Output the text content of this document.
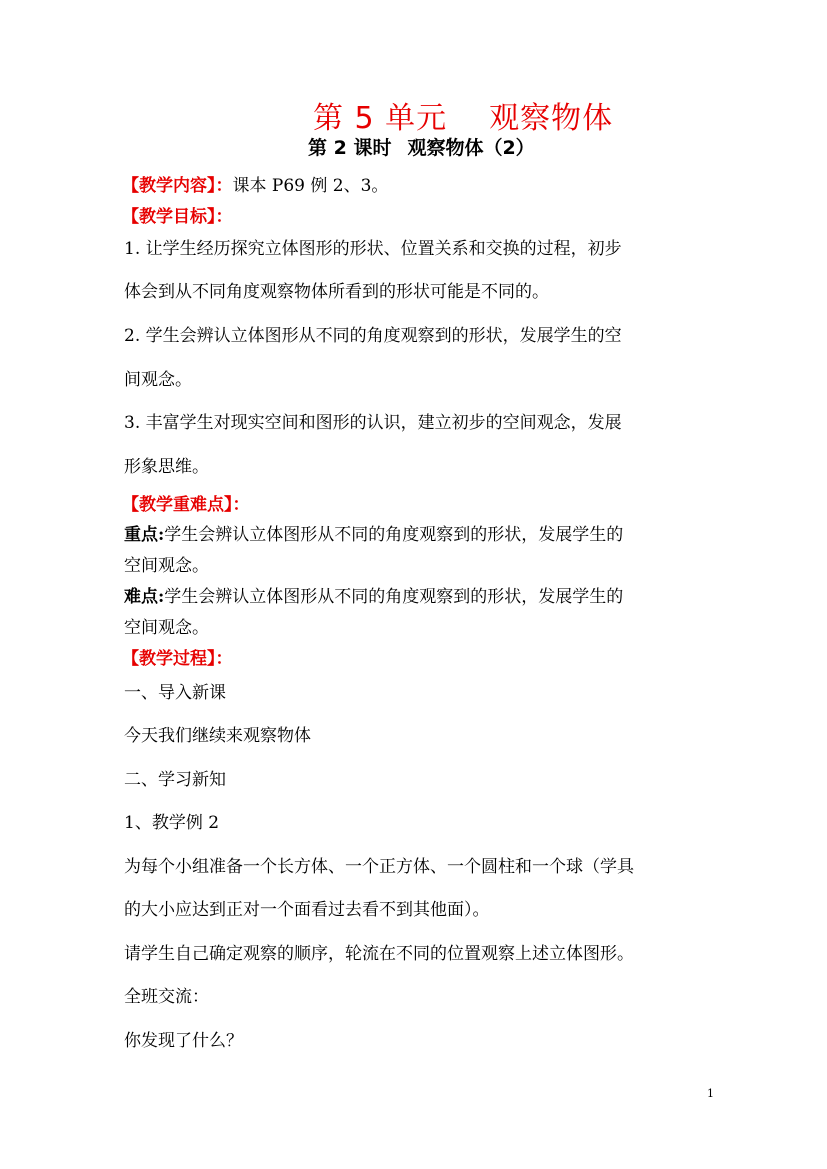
第 5 单元 观察物体
第 2 课时 观察物体（2）
【教学内容】：课本 P69 例 2、3。
【教学目标】：
1. 让学生经历探究立体图形的形状、位置关系和交换的过程，初步
体会到从不同角度观察物体所看到的形状可能是不同的。
2. 学生会辨认立体图形从不同的角度观察到的形状，发展学生的空
间观念。
3. 丰富学生对现实空间和图形的认识，建立初步的空间观念，发展
形象思维。
【教学重难点】：
重点:学生会辨认立体图形从不同的角度观察到的形状，发展学生的
空间观念。
难点:学生会辨认立体图形从不同的角度观察到的形状，发展学生的
空间观念。
【教学过程】：
一、导入新课
今天我们继续来观察物体
二、学习新知
1、教学例 2
为每个小组准备一个长方体、一个正方体、一个圆柱和一个球（学具
的大小应达到正对一个面看过去看不到其他面）。
请学生自己确定观察的顺序，轮流在不同的位置观察上述立体图形。
全班交流：
你发现了什么？
1
